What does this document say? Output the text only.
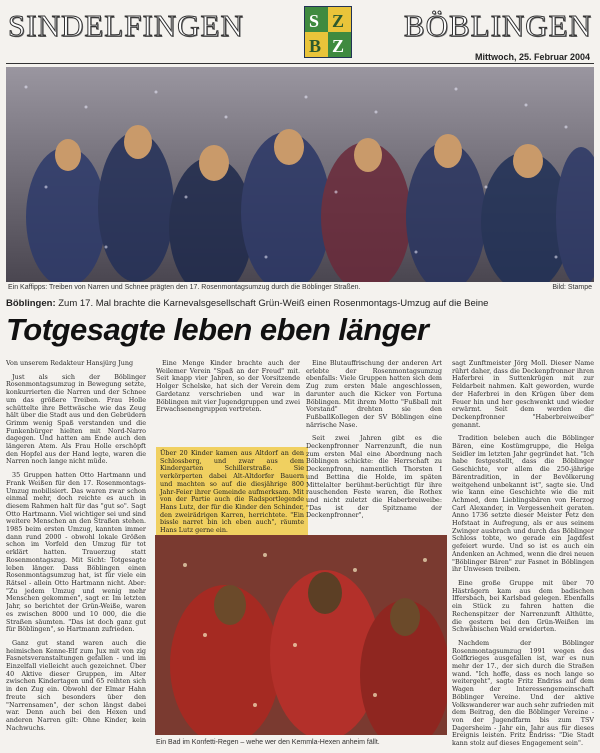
SINDELFINGEN	S Z
B Z
BÖBLINGEN
Mittwoch, 25. Februar 2004
Ein Kaffipps: Treiben von Narren und Schnee prägten den 17. Rosenmontagsumzug durch die Böblinger Straßen.	Bild: Stampe
Böblingen: Zum 17. Mal brachte die Karnevalsgesellschaft Grün-Weiß einen Rosenmontags-Umzug auf die Beine
Totgesagte leben eben länger

Von unserem Redakteur Hansjürg Jung

Just als sich der Böblinger Rosenmontagsumzug in Bewegung setzte, konkurrierten die Narren und der Schnee um das größere Treiben. Frau Holle schüttelte ihre Bettwäsche wie das Zeug hält über die Stadt aus und den Gebrüdern Grimm wenig Spaß verstanden und die Funkenbürger hielten mit Nord-Narro dagegen. Und hatten am Ende auch den längeren Atem. Als Frau Holle erschöpft den Hopfel aus der Hand legte, waren die Narren noch lange nicht müde.

35 Gruppen hatten Otto Hartmann und Frank Weißen für den 17. Rosenmontags-Umzug mobilisiert. Das waren zwar schon einmal mehr, doch reichte es auch in diesem Rahmen halt für das "gut so". Sagt Otto Hartmann. Viel wichtiger sei und sind weitere Menschen an den Straßen stehen. 1985 beim ersten Umzug, kannten immer dann rund 2000 - obwohl lokale Größen schon im Vorfeld den Umzug für tot erklärt hatten. Trauerzug statt Rosenmontagszug. Mit Sicht: Totgesagte leben länger. Dass Böblingen einen Rosenmontagsumzug hat, ist für viele ein Rätsel - allein Otto Hartmann nicht. Aber: "Zu jedem Umzug und wenig mehr Menschen gekommen", sagt er. Im letzten Jahr, so berichtet der Grün-Weiße, waren es zwischen 8000 und 10 000, die die Straßen säumten. "Das ist doch ganz gut für Böblingen", so Hartmann zufrieden.

Ganz gut stand waren auch die heimischen Kenne-Elf zum Jux mit von zig Fasnetsveranstaltungen gefallen - und im Einzelfall vielleicht auch gezeichnet. Über 40 Aktive dieser Gruppen, im Alter zwischen Kindertagen und 65 reihten sich in den Zug ein. Obwohl der Elmar Hahn freute sich besonders über den "Narrensamen", der schon längst dabei war. Denn auch bei den Hexen und anderen Narren gilt: Ohne Kinder, kein Nachwuchs.

Eine Menge Kinder brachte auch der Weilemer Verein "Spaß an der Freud" mit. Seit knapp vier Jahren, so der Vorsitzende Holger Schelske, hat sich der Verein dem Gardetanz verschrieben und war in Böblingen mit vier Jugendgruppen und zwei Erwachsenengruppen vertreten.

Über 20 Kinder kamen aus Altdorf an den Schlossberg, und zwar aus dem Kindergarten Schillerstraße. Sie verkörperten dabei Alt-Altdorfer Bauern und machten so auf die diesjährige 800 Jahr-Feier ihrer Gemeinde aufmerksam. Mit von der Partie auch die Radsportlegende Hans Lutz, der für die Kinder den Schinder, den zweirädrigen Karren, herrichtete. "Ein bissle narret bin ich eben auch", räumte Hans Lutz gerne ein.

Eine Blutauffrischung der anderen Art erlebte der Rosenmontagsumzug ebenfalls: Viele Gruppen hatten sich dem Zug zum ersten Male angeschlossen, darunter auch die Kicker von Fortuna Böblingen. Mit ihrem Motto "Fußball mit Vorstand" drehten sie den FußballKollegen der SV Böblingen eine närrische Nase.

Seit zwei Jahren gibt es die Deckenpfronner Narrenzunft, die nun zum ersten Mal eine Abordnung nach Böblingen schickte: die Herrschaft zu Deckenpfronn, namentlich Thorsten I und Bettina die Holde, im späten Mittelalter berühmt-berüchtigt für ihre rauschenden Feste waren, die Rothex und nicht zuletzt die Haberbreiweibe: "Das ist der Spitzname der Deckenpfronner",

Ein Bad im Konfetti-Regen – wehe wer den Kemmla-Hexen anheim fällt.

sagt Zunftmeister Jörg Moll. Dieser Name rührt daher, dass die Deckenpfronner ihren Haferbrei in Suttenkrügen mit zur Feldarbeit nahmen. Kalt geworden, wurde der Haferbrei in den Krügen über dem Feuer hin und her geschwenkt und wieder erwärmt. Seit dem werden die Deckenpfronner "Haberbreiweiber" genannt.

Tradition beleben auch die Böblinger Bären, eine Kostümgruppe, die Helga Seidler im letzten Jahr gegründet hat. "Ich habe festgestellt, dass die Böblinger Geschichte, vor allem die 250-jährige Bärentradition, in der Bevölkerung weitgehend unbekannt ist", sagte sie. Und wie kann eine Geschichte wie die mit Achmed, dem Lieblingsbären von Herzog Carl Alexander, in Vergessenheit geraten. Anno 1736 setzte dieser Meister Petz den Hofstaat in Aufregung, als er aus seinem Zwinger ausbrach und durch das Böblinger Schloss tobte, wo gerade ein Jagdfest gefeiert wurde. Und so ist es auch ein Andenken an Achmed, wenn die drei neuen "Böblinger Bären" zur Fasnet in Böblingen ihr Unwesen treiben.

Eine große Gruppe mit über 70 Hästrägern kam aus dem badischen Iffersbach, bei Karlsbad gelegen. Ebenfalls ein Stück zu fahren hatten die Rechenspitzer der Narrenzunft Althütte, die gestern bei den Grün-Weißen im Schwäbischen Wald erwiderten.

Nachdem der Böblinger Rosenmontagsumzug 1991 wegen des Golfkrieges ausgefallen ist, war es nun mehr der 17., der sich durch die Straßen wand. "Ich hoffe, dass es noch lange so weitergeht", sagte Fritz Endriss auf dem Wagen der Interessengemeinschaft Böblinger Vereine. Und der aktive Volkswanderer war auch sehr zufrieden mit dem Beitrag, den die Böblinger Vereine - von der Jugendfarm bis zum TSV Dagersheim - Jahr ein, Jahr aus für dieses Ereignis leisten. Fritz Endriss: "Die Stadt kann stolz auf dieses Engagement sein".
